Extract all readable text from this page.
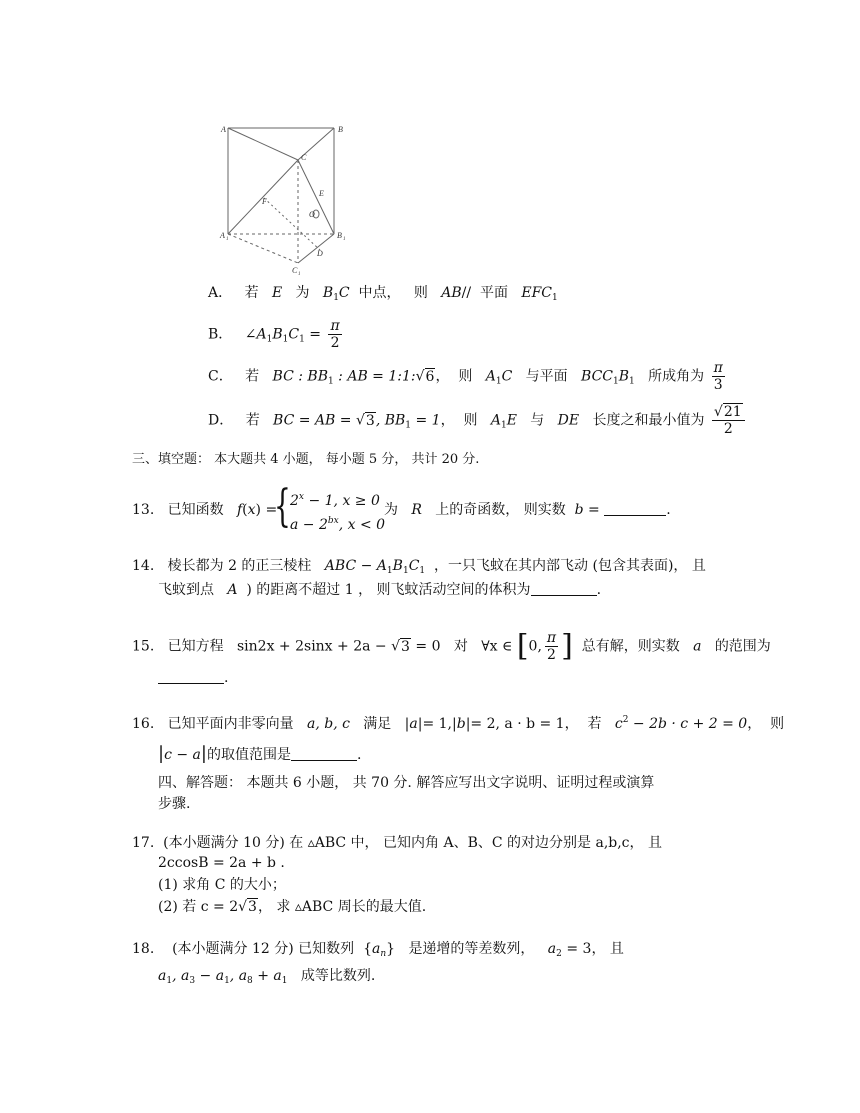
A	B
C
E
F
O
A 1	B 1
D
C 1
A． 若 E 为 $B_1C$ 中点， 则 AB// 平面 $EFC_1$
B． $\angle A_1B_1C_1 = \frac{\pi}{2}$
C． 若 BC : $BB_1$ : AB = 1:1:√6， 则 $A_1C$ 与平面 $BCC_1B_1$ 所成角为 $\frac{\pi}{3}$
D． 若 BC = AB = √3, $BB_1 = 1$， 则 $A_1E$ 与 DE 长度之和最小值为 $\frac{√21}{2}$
三、填空题： 本大题共 4 小题， 每小题 5 分， 共计 20 分.
13. 已知函数 f(x) =
{ $2^x - 1$, x ≥ 0
$a - 2^{bx}$, x < 0
为 R 上的奇函数， 则实数 b =	.
14. 棱长都为 2 的正三棱柱 ABC − $A_1B_1C_1$ ，一只飞蚊在其内部飞动 (包含其表面)， 且
飞蚊到点 A ) 的距离不超过 1 ， 则飞蚊活动空间的体积为	.
15. 已知方程 sin2x + 2sinx + 2a − √3 = 0 对 ∀x ∈ [0, $\frac{\pi}{2}$ ] 总有解，则实数 a 的范围为
.
16. 已知平面内非零向量 a, b, c 满足 |a|= 1,|b|= 2, a · b = 1， 若 $c^2 - 2b \cdot c + 2 = 0$， 则
|c − a|的取值范围是	.
四、解答题： 本题共 6 小题， 共 70 分. 解答应写出文字说明、证明过程或演算
步骤.
17. (本小题满分 10 分) 在 ▵ABC 中， 已知内角 A、B、C 的对边分别是 a,b,c， 且
2ccosB = 2a + b .
(1) 求角 C 的大小；
(2) 若 c = 2√3， 求 ▵ABC 周长的最大值.
18. (本小题满分 12 分) 已知数列 $\{a_n\}$ 是递增的等差数列， $a_2 = 3$， 且
$a_1$, $a_3 - a_1$, $a_8 + a_1$ 成等比数列.
